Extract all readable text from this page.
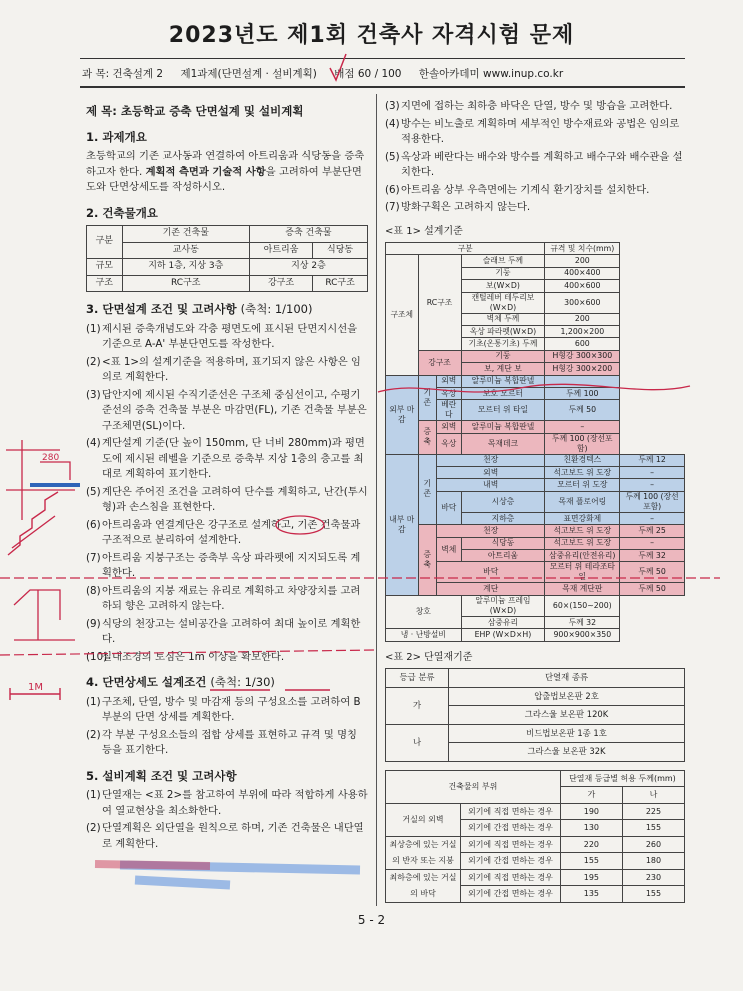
2023년도 제1회 건축사 자격시험 문제
과 목: 건축설계 2 제1과제(단면설계 · 설비계획) 배점 60 / 100 한솔아카데미 www.inup.co.kr
제 목: 초등학교 증축 단면설계 및 설비계획
1. 과제개요

초등학교의 기존 교사동과 연결하여 아트리움과 식당동을 증축하고자 한다. 계획적 측면과 기술적 사항을 고려하여 부분단면도와 단면상세도를 작성하시오.

2. 건축물개요
구분	기존 건축물	증축 건축물	
	교사동	아트리움	식당동
규모	지하 1층, 지상 3층	지상 2층	
구조	RC구조	강구조	RC구조
3. 단면설계 조건 및 고려사항 (축척: 1/100)
(1) 제시된 증축개념도와 각층 평면도에 표시된 단면지시선을 기준으로 A-A' 부분단면도를 작성한다.
(2) <표 1>의 설계기준을 적용하며, 표기되지 않은 사항은 임의로 계획한다.
(3) 답안지에 제시된 수직기준선은 구조체 중심선이고, 수평기준선의 증축 건축물 부분은 마감면(FL), 기존 건축물 부분은 구조체면(SL)이다.
(4) 계단설계 기준(단 높이 150mm, 단 너비 280mm)과 평면도에 제시된 레벨을 기준으로 증축부 지상 1층의 층고를 최대로 계획하여 표기한다.
(5) 계단은 주어진 조건을 고려하여 단수를 계획하고, 난간(투시형)과 손스침을 표현한다.
(6) 아트리움과 연결계단은 강구조로 설계하고, 기존 건축물과 구조적으로 분리하여 설계한다.
(7) 아트리움 지붕구조는 증축부 옥상 파라펫에 지지되도록 계획한다.
(8) 아트리움의 지붕 재료는 유리로 계획하고 차양장치를 고려하되 향은 고려하지 않는다.
(9) 식당의 천장고는 설비공간을 고려하여 최대 높이로 계획한다.
(10)
실내조경의 토심은 1m 이상을 확보한다.
4. 단면상세도 설계조건 (축척: 1/30)
(1) 구조체, 단열, 방수 및 마감재 등의 구성요소를 고려하여 B부분의 단면 상세를 계획한다.
(2) 각 부분 구성요소들의 접합 상세를 표현하고 규격 및 명칭 등을 표기한다.
5. 설비계획 조건 및 고려사항
(1) 단열재는 <표 2>를 참고하여 부위에 따라 적합하게 사용하여 열교현상을 최소화한다.
(2) 단열계획은 외단열을 원칙으로 하며, 기존 건축물은 내단열로 계획한다.
(3) 지면에 접하는 최하층 바닥은 단열, 방수 및 방습을 고려한다.
(4) 방수는 비노출로 계획하며 세부적인 방수재료와 공법은 임의로 적용한다.
(5) 옥상과 베란다는 배수와 방수를 계획하고 배수구와 배수관을 설치한다.
(6) 아트리움 상부 우측면에는 기계식 환기장치를 설치한다.
(7) 방화구획은 고려하지 않는다.
<표 1> 설계기준
구분				규격 및 치수(mm)	
구조체	RC구조		슬래브 두께	200	
			기둥	400×400	
			보(W×D)	400×600	
			캔틸레버 테두리보(W×D)	300×600	
			벽체 두께	200	
			옥상 파라펫(W×D)	1,200×200	
			기초(온통기초) 두께	600	
	강구조		기둥	H형강 300×300	
			보, 계단 보	H형강 300×200	
외부 마감	기존	외벽	알루미늄 복합판넬		
		옥상	보호 모르터	두께 100	
		베란다	모르터 위 타일	두께 50	
	증축	외벽	알루미늄 복합판넬	–	
		옥상	목재데크	두께 100 (장선포함)	
내부 마감	기존	천장		친환경텍스	두께 12
		외벽		석고보드 위 도장	–
		내벽		모르터 위 도장	–
		바닥	시상층	목재 플로어링	두께 100 (장선포함)
			지하층	표면강화제	–
	증축	천장		석고보드 위 도장	두께 25
		벽체	식당동	석고보드 위 도장	–
			아트리움	삼중유리(안전유리)	두께 32
		바닥		모르터 위 테라조타일	두께 50
		계단		목재 계단판	두께 50
창호			알루미늄 프레임(W×D)	60×(150~200)	
			삼중유리	두께 32	
냉 · 난방설비			EHP (W×D×H)	900×900×350	
<표 2> 단열재기준
등급 분류	단열재 종류
가	압출법보온판 2호
	그라스울 보온판 120K
나	비드법보온판 1종 1호
	그라스울 보온판 32K
건축물의 부위		단열재 등급별 허용 두께(mm)	
		가	나
거실의 외벽	외기에 직접 면하는 경우	190	225
	외기에 간접 면하는 경우	130	155
최상층에 있는 거실의 반자 또는 지붕	외기에 직접 면하는 경우	220	260
	외기에 간접 면하는 경우	155	180
최하층에 있는 거실의 바닥	외기에 직접 면하는 경우	195	230
	외기에 간접 면하는 경우	135	155
5 - 2
280
1M
